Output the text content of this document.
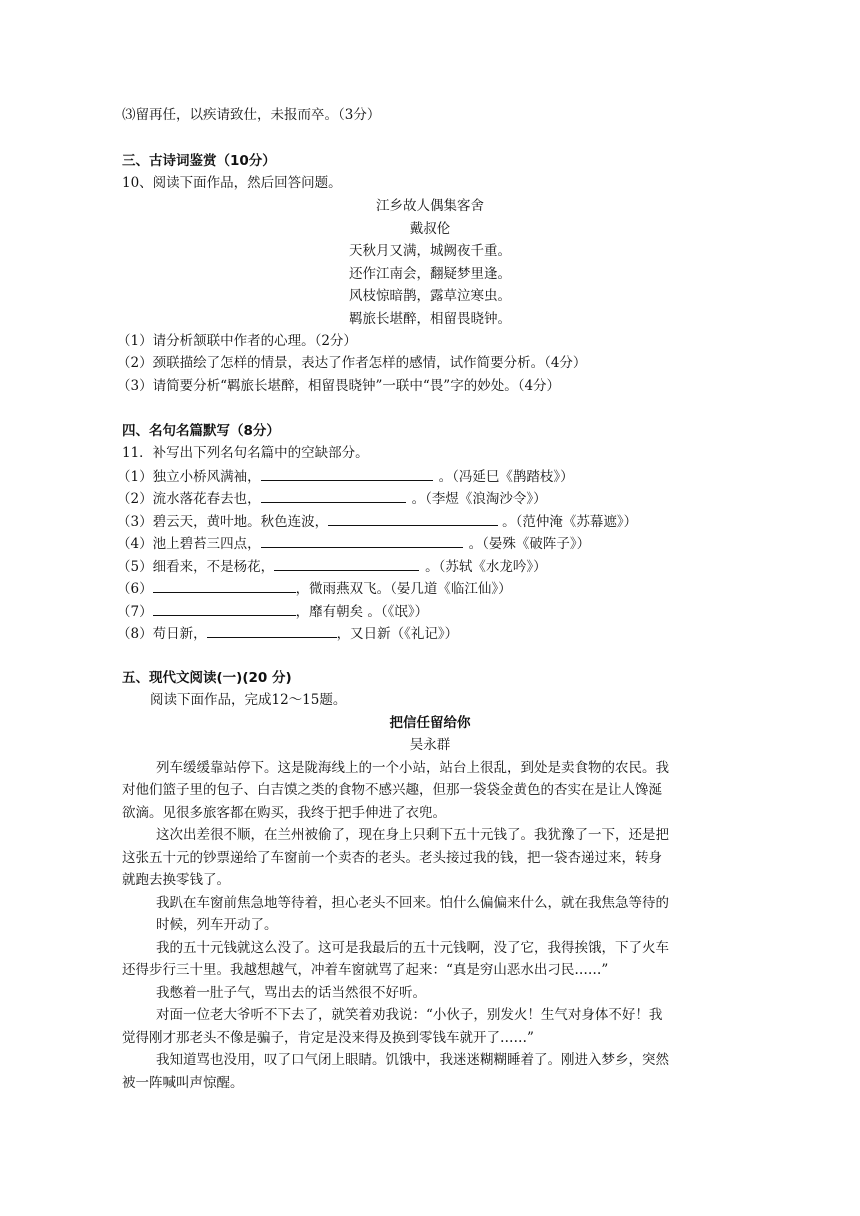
⑶留再任，以疾请致仕，未报而卒。（3分）
三、古诗词鉴赏（10分）
10、阅读下面作品，然后回答问题。
江乡故人偶集客舍
戴叔伦
天秋月又满，城阙夜千重。
还作江南会，翻疑梦里逢。
风枝惊暗鹊，露草泣寒虫。
羁旅长堪醉，相留畏晓钟。
（1）请分析颔联中作者的心理。（2分）
（2）颈联描绘了怎样的情景，表达了作者怎样的感情，试作简要分析。（4分）
（3）请简要分析“羁旅长堪醉，相留畏晓钟”一联中“畏”字的妙处。（4分）
四、名句名篇默写（8分）
11．补写出下列名句名篇中的空缺部分。
（1）独立小桥风满袖，	。（冯延巳《鹊踏枝》）
（2）流水落花春去也，	。（李煜《浪淘沙令》）
（3）碧云天，黄叶地。秋色连波，	。（范仲淹《苏幕遮》）
（4）池上碧苔三四点，	。（晏殊《破阵子》）
（5）细看来，不是杨花，	。（苏轼《水龙吟》）
（6）	，微雨燕双飞。（晏几道《临江仙》）
（7）	，靡有朝矣 。（《氓》）
（8）苟日新，	，又日新（《礼记》）
五、现代文阅读(一)(20 分)
阅读下面作品，完成12～15题。
把信任留给你
吴永群
列车缓缓靠站停下。这是陇海线上的一个小站，站台上很乱，到处是卖食物的农民。我
对他们篮子里的包子、白吉馍之类的食物不感兴趣，但那一袋袋金黄色的杏实在是让人馋涎
欲滴。见很多旅客都在购买，我终于把手伸进了衣兜。
这次出差很不顺，在兰州被偷了，现在身上只剩下五十元钱了。我犹豫了一下，还是把
这张五十元的钞票递给了车窗前一个卖杏的老头。老头接过我的钱，把一袋杏递过来，转身
就跑去换零钱了。
我趴在车窗前焦急地等待着，担心老头不回来。怕什么偏偏来什么，就在我焦急等待的
时候，列车开动了。
我的五十元钱就这么没了。这可是我最后的五十元钱啊，没了它，我得挨饿，下了火车
还得步行三十里。我越想越气，冲着车窗就骂了起来：“真是穷山恶水出刁民……”
我憋着一肚子气，骂出去的话当然很不好听。
对面一位老大爷听不下去了，就笑着劝我说：“小伙子，别发火！生气对身体不好！我
觉得刚才那老头不像是骗子，肯定是没来得及换到零钱车就开了……”
我知道骂也没用，叹了口气闭上眼睛。饥饿中，我迷迷糊糊睡着了。刚进入梦乡，突然
被一阵喊叫声惊醒。
